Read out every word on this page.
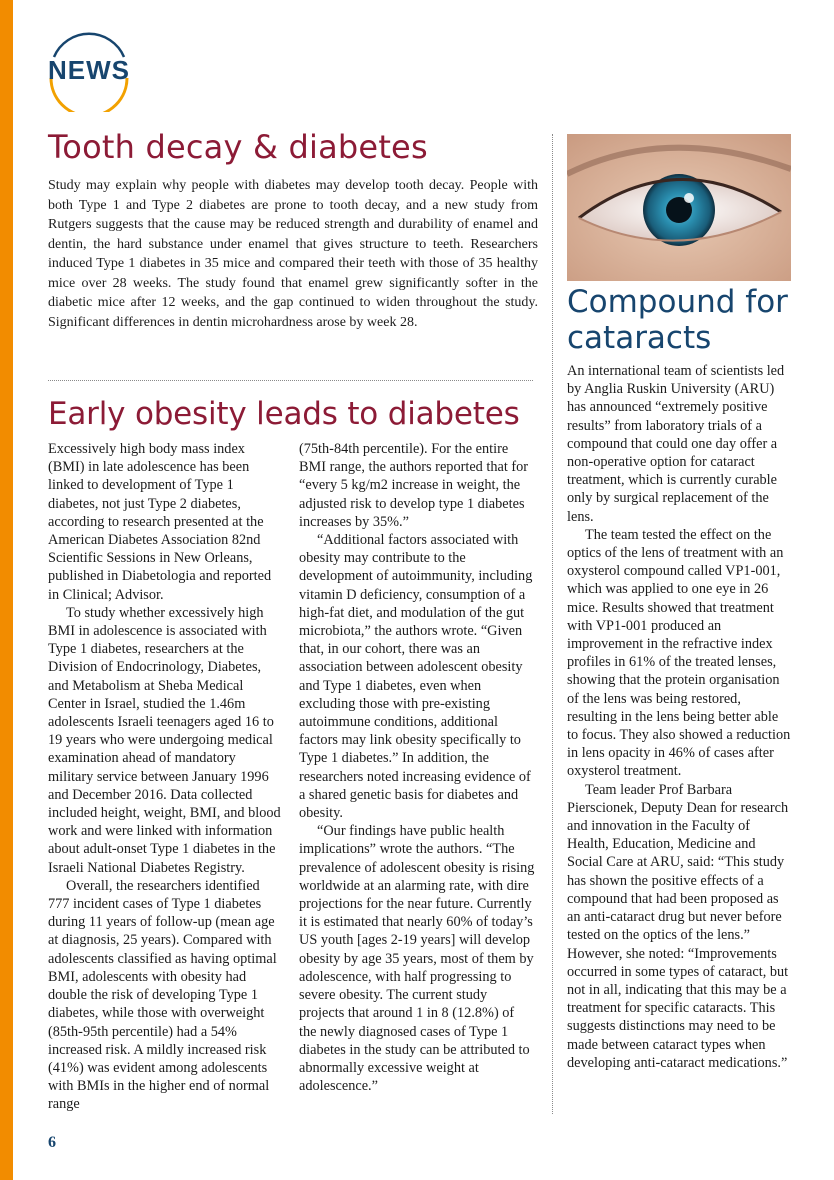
NEWS
Tooth decay & diabetes

Study may explain why people with diabetes may develop tooth decay. People with both Type 1 and Type 2 diabetes are prone to tooth decay, and a new study from Rutgers suggests that the cause may be reduced strength and durability of enamel and dentin, the hard substance under enamel that gives structure to teeth. Researchers induced Type 1 diabetes in 35 mice and compared their teeth with those of 35 healthy mice over 28 weeks. The study found that enamel grew significantly softer in the diabetic mice after 12 weeks, and the gap continued to widen throughout the study. Significant differences in dentin microhardness arose by week 28.

Early obesity leads to diabetes

Excessively high body mass index (BMI) in late adolescence has been linked to development of Type 1 diabetes, not just Type 2 diabetes, according to research presented at the American Diabetes Association 82nd Scientific Sessions in New Orleans, published in Diabetologia and reported in Clinical; Advisor.

To study whether excessively high BMI in adolescence is associated with Type 1 diabetes, researchers at the Division of Endocrinology, Diabetes, and Metabolism at Sheba Medical Center in Israel, studied the 1.46m adolescents Israeli teenagers aged 16 to 19 years who were undergoing medical examination ahead of mandatory military service between January 1996 and December 2016. Data collected included height, weight, BMI, and blood work and were linked with information about adult-onset Type 1 diabetes in the Israeli National Diabetes Registry.

Overall, the researchers identified 777 incident cases of Type 1 diabetes during 11 years of follow-up (mean age at diagnosis, 25 years). Compared with adolescents classified as having optimal BMI, adolescents with obesity had double the risk of developing Type 1 diabetes, while those with overweight (85th-95th percentile) had a 54% increased risk. A mildly increased risk (41%) was evident among adolescents with BMIs in the higher end of normal range

(75th-84th percentile). For the entire BMI range, the authors reported that for “every 5 kg/m2 increase in weight, the adjusted risk to develop type 1 diabetes increases by 35%.”

“Additional factors associated with obesity may contribute to the development of autoimmunity, including vitamin D deficiency, consumption of a high-fat diet, and modulation of the gut microbiota,” the authors wrote. “Given that, in our cohort, there was an association between adolescent obesity and Type 1 diabetes, even when excluding those with pre-existing autoimmune conditions, additional factors may link obesity specifically to Type 1 diabetes.” In addition, the researchers noted increasing evidence of a shared genetic basis for diabetes and obesity.

“Our findings have public health implications” wrote the authors. “The prevalence of adolescent obesity is rising worldwide at an alarming rate, with dire projections for the near future. Currently it is estimated that nearly 60% of today’s US youth [ages 2-19 years] will develop obesity by age 35 years, most of them by adolescence, with half progressing to severe obesity. The current study projects that around 1 in 8 (12.8%) of the newly diagnosed cases of Type 1 diabetes in the study can be attributed to abnormally excessive weight at adolescence.”

Compound for cataracts

An international team of scientists led by Anglia Ruskin University (ARU) has announced “extremely positive results” from laboratory trials of a compound that could one day offer a non-operative option for cataract treatment, which is currently curable only by surgical replacement of the lens.

The team tested the effect on the optics of the lens of treatment with an oxysterol compound called VP1-001, which was applied to one eye in 26 mice. Results showed that treatment with VP1-001 produced an improvement in the refractive index profiles in 61% of the treated lenses, showing that the protein organisation of the lens was being restored, resulting in the lens being better able to focus. They also showed a reduction in lens opacity in 46% of cases after oxysterol treatment.

Team leader Prof Barbara Pierscionek, Deputy Dean for research and innovation in the Faculty of Health, Education, Medicine and Social Care at ARU, said: “This study has shown the positive effects of a compound that had been proposed as an anti-cataract drug but never before tested on the optics of the lens.” However, she noted: “Improvements occurred in some types of cataract, but not in all, indicating that this may be a treatment for specific cataracts. This suggests distinctions may need to be made between cataract types when developing anti-cataract medications.”

6
